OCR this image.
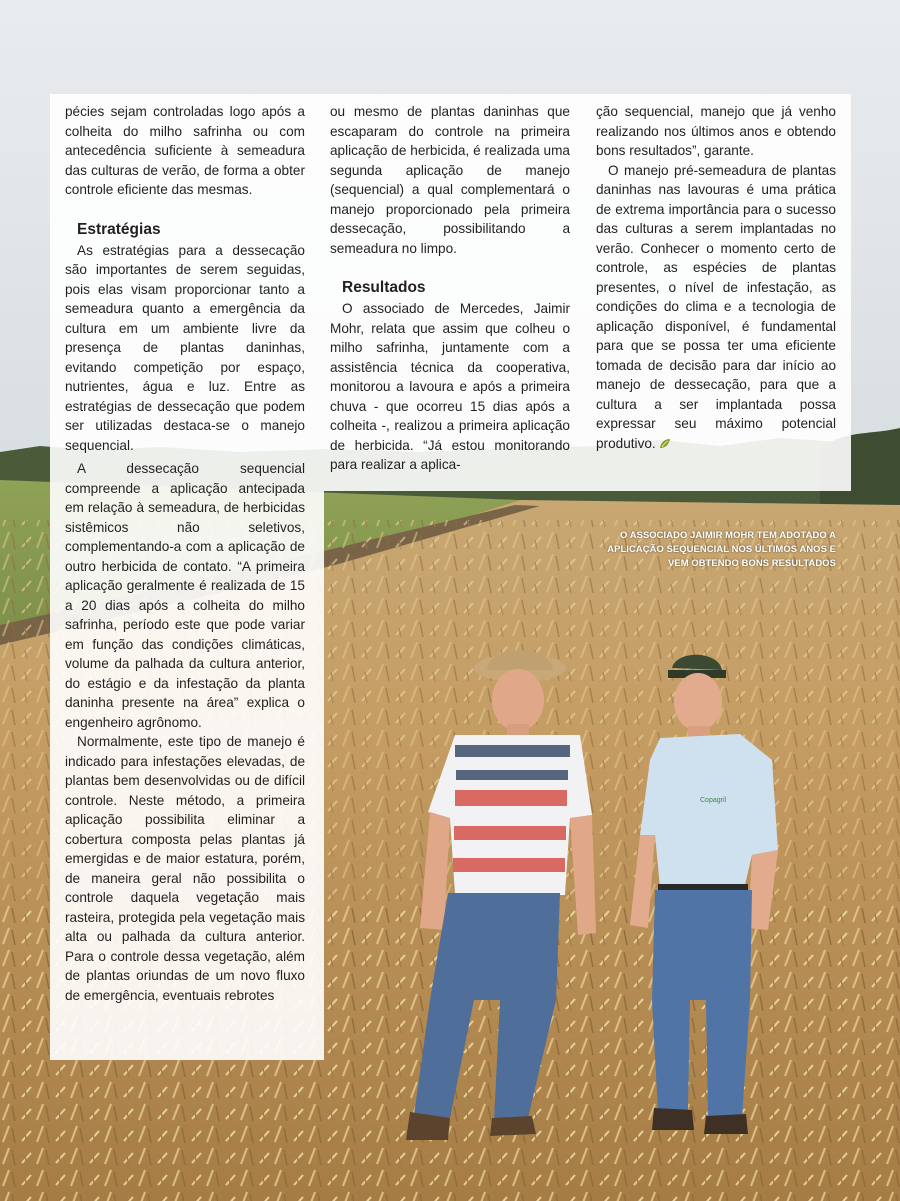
Copagril

pécies sejam controladas logo após a colheita do milho safrinha ou com antecedência suficiente à semeadura das culturas de verão, de forma a obter controle eficiente das mesmas.

Estratégias

As estratégias para a dessecação são importantes de serem seguidas, pois elas visam proporcionar tanto a semeadura quanto a emergência da cultura em um ambiente livre da presença de plantas daninhas, evitando competição por espaço, nutrientes, água e luz. Entre as estratégias de dessecação que podem ser utilizadas destaca-se o manejo sequencial.

A dessecação sequencial compreende a aplicação antecipada em relação à semeadura, de herbicidas sistêmicos não seletivos, complementando-a com a aplicação de outro herbicida de contato. “A primeira aplicação geralmente é realizada de 15 a 20 dias após a colheita do milho safrinha, período este que pode variar em função das condições climáticas, volume da palhada da cultura anterior, do estágio e da infestação da planta daninha presente na área” explica o engenheiro agrônomo.

Normalmente, este tipo de manejo é indicado para infestações elevadas, de plantas bem desenvolvidas ou de difícil controle. Neste método, a primeira aplicação possibilita eliminar a cobertura composta pelas plantas já emergidas e de maior estatura, porém, de maneira geral não possibilita o controle daquela vegetação mais rasteira, protegida pela vegetação mais alta ou palhada da cultura anterior. Para o controle dessa vegetação, além de plantas oriundas de um novo fluxo de emergência, eventuais rebrotes

ou mesmo de plantas daninhas que escaparam do controle na primeira aplicação de herbicida, é realizada uma segunda aplicação de manejo (sequencial) a qual complementará o manejo proporcionado pela primeira dessecação, possibilitando a semeadura no limpo.

Resultados

O associado de Mercedes, Jaimir Mohr, relata que assim que colheu o milho safrinha, juntamente com a assistência técnica da cooperativa, monitorou a lavoura e após a primeira chuva - que ocorreu 15 dias após a colheita -, realizou a primeira aplicação de herbicida. “Já estou monitorando para realizar a aplica-

ção sequencial, manejo que já venho realizando nos últimos anos e obtendo bons resultados”, garante.

O manejo pré-semeadura de plantas daninhas nas lavouras é uma prática de extrema importância para o sucesso das culturas a serem implantadas no verão. Conhecer o momento certo de controle, as espécies de plantas presentes, o nível de infestação, as condições do clima e a tecnologia de aplicação disponível, é fundamental para que se possa ter uma eficiente tomada de decisão para dar início ao manejo de dessecação, para que a cultura a ser implantada possa expressar seu máximo potencial produtivo.

O ASSOCIADO JAIMIR MOHR TEM ADOTADO A APLICAÇÃO SEQUENCIAL NOS ÚLTIMOS ANOS E VEM OBTENDO BONS RESULTADOS
